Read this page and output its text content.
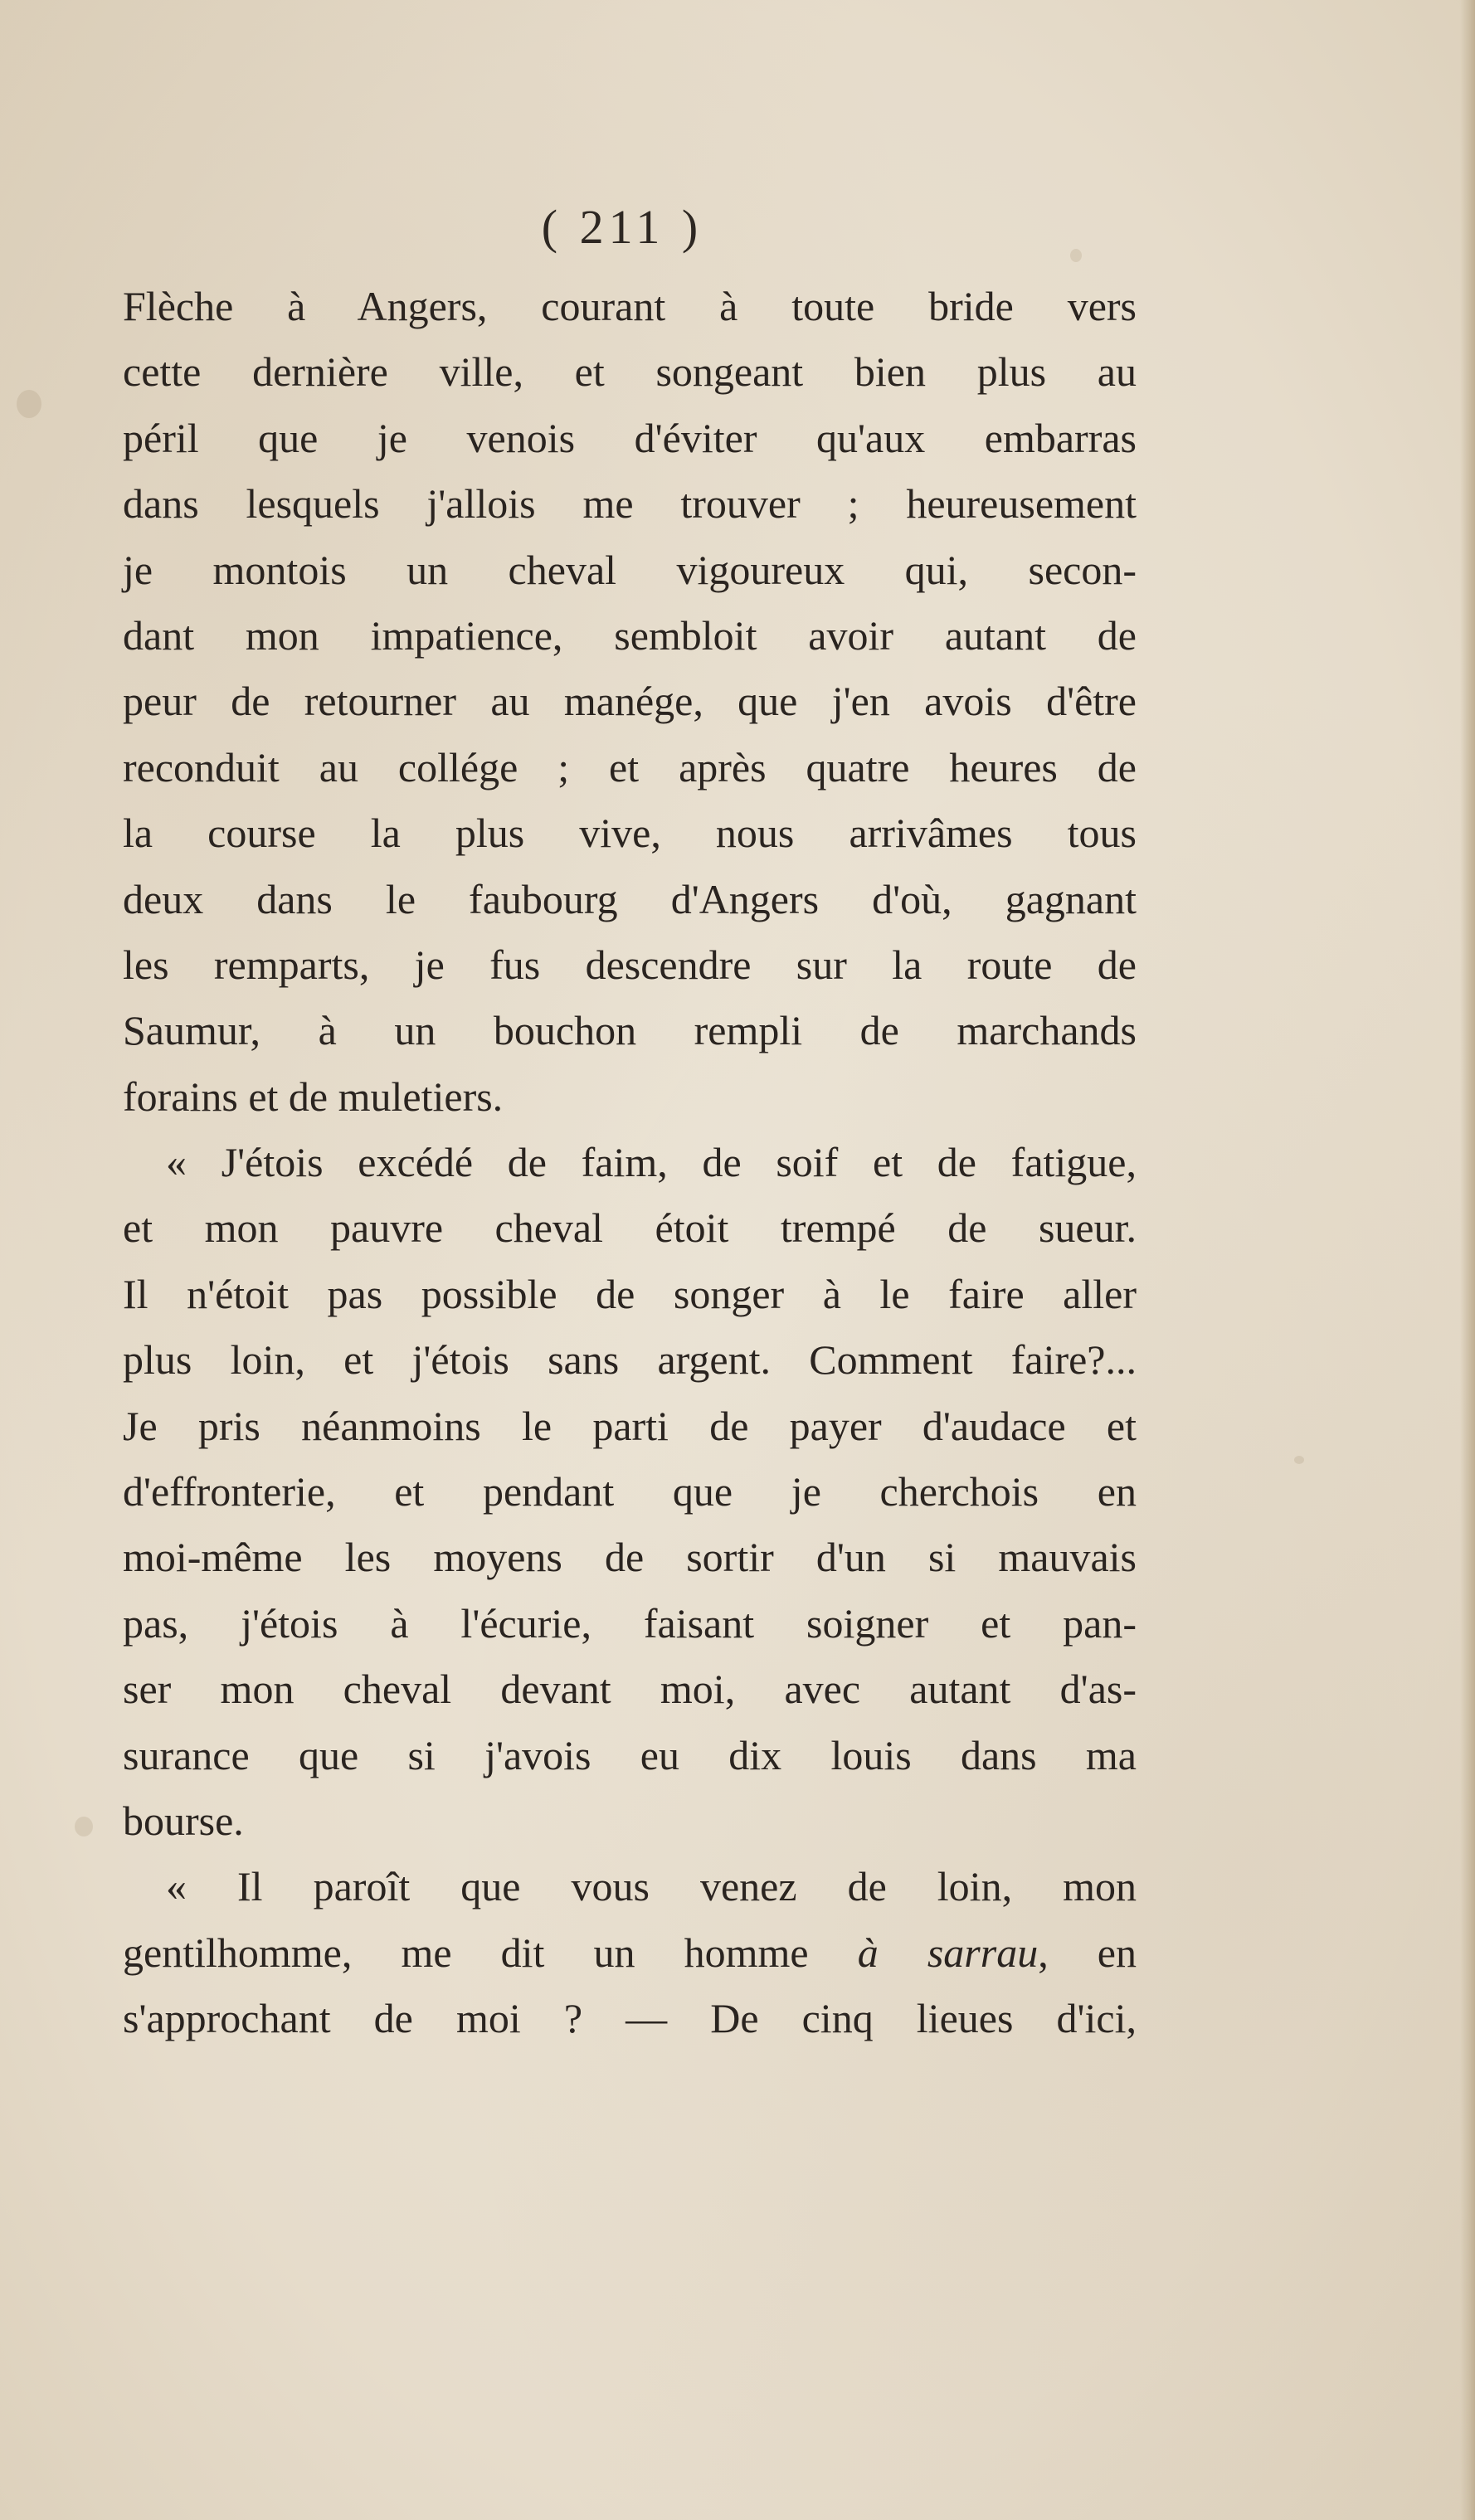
( 211 )
Flèche à Angers, courant à toute bride vers
cette dernière ville, et songeant bien plus au
péril que je venois d'éviter qu'aux embarras
dans lesquels j'allois me trouver ; heureusement
je montois un cheval vigoureux qui, secon-
dant mon impatience, sembloit avoir autant de
peur de retourner au manége, que j'en avois d'être
reconduit au collége ; et après quatre heures de
la course la plus vive, nous arrivâmes tous
deux dans le faubourg d'Angers d'où, gagnant
les remparts, je fus descendre sur la route de
Saumur, à un bouchon rempli de marchands
forains et de muletiers.
« J'étois excédé de faim, de soif et de fatigue,
et mon pauvre cheval étoit trempé de sueur.
Il n'étoit pas possible de songer à le faire aller
plus loin, et j'étois sans argent. Comment faire?...
Je pris néanmoins le parti de payer d'audace et
d'effronterie, et pendant que je cherchois en
moi-même les moyens de sortir d'un si mauvais
pas, j'étois à l'écurie, faisant soigner et pan-
ser mon cheval devant moi, avec autant d'as-
surance que si j'avois eu dix louis dans ma
bourse.
« Il paroît que vous venez de loin, mon
gentilhomme, me dit un homme à sarrau, en
s'approchant de moi ? — De cinq lieues d'ici,
